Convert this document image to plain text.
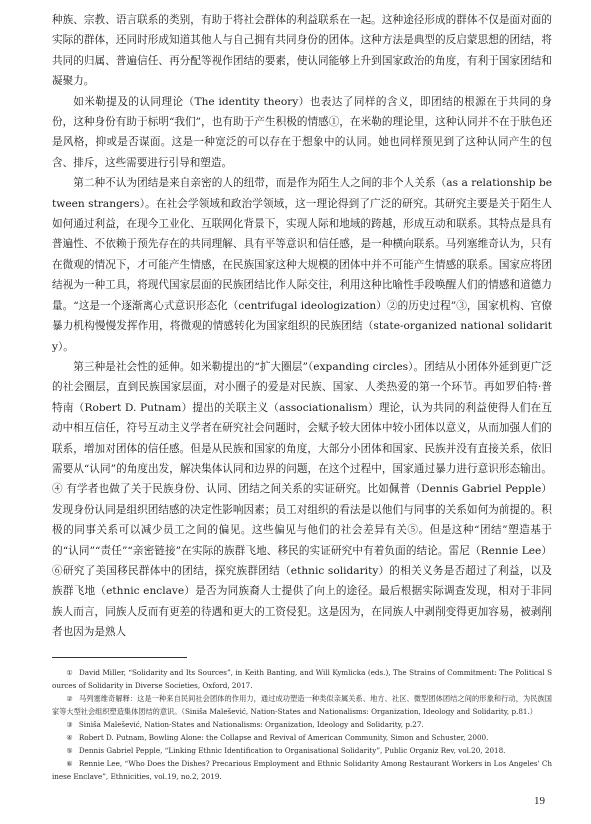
种族、宗教、语言联系的类别，有助于将社会群体的利益联系在一起。这种途径形成的群体不仅是面对面的实际的群体，还同时形成知道其他人与自己拥有共同身份的团体。这种方法是典型的反启蒙思想的团结，将共同的归属、普遍信任、再分配等视作团结的要素，使认同能够上升到国家政治的角度，有利于国家团结和凝聚力。

如米勒提及的认同理论（The identity theory）也表达了同样的含义，即团结的根源在于共同的身份，这种身份有助于标明“我们”，也有助于产生积极的情感①，在米勒的理论里，这种认同并不在于肤色还是风格，抑或是否谋面。这是一种宽泛的可以存在于想象中的认同。她也同样预见到了这种认同产生的包含、排斥，这些需要进行引导和塑造。

第二种不认为团结是来自亲密的人的纽带，而是作为陌生人之间的非个人关系（as a relationship between strangers）。在社会学领域和政治学领域，这一理论得到了广泛的研究。其研究主要是关于陌生人如何通过利益，在现今工业化、互联网化背景下，实现人际和地域的跨越，形成互动和联系。其特点是具有普遍性、不依赖于预先存在的共同理解、具有平等意识和信任感，是一种横向联系。马列塞维奇认为，只有在微观的情况下，才可能产生情感，在民族国家这种大规模的团体中并不可能产生情感的联系。国家应将团结视为一种工具，将现代国家层面的民族团结比作人际交往，利用这种比喻性手段唤醒人们的情感和道德力量。“这是一个逐渐离心式意识形态化（centrifugal ideologization）②的历史过程”③，国家机构、官僚暴力机构慢慢发挥作用，将微观的情感转化为国家组织的民族团结（state-organized national solidarity）。

第三种是社会性的延伸。如米勒提出的“扩大圈层”（expanding circles）。团结从小团体外延到更广泛的社会圈层，直到民族国家层面，对小圈子的爱是对民族、国家、人类热爱的第一个环节。再如罗伯特·普特南（Robert D. Putnam）提出的关联主义（associationalism）理论，认为共同的利益使得人们在互动中相互信任，符号互动主义学者在研究社会问题时，会赋予较大团体中较小团体以意义，从而加强人们的联系，增加对团体的信任感。但是从民族和国家的角度，大部分小团体和国家、民族并没有直接关系，依旧需要从“认同”的角度出发，解决集体认同和边界的问题，在这个过程中，国家通过暴力进行意识形态输出。④ 有学者也做了关于民族身份、认同、团结之间关系的实证研究。比如佩普（Dennis Gabriel Pepple）发现身份认同是组织团结感的决定性影响因素；员工对组织的看法是以他们与同事的关系如何为前提的。积极的同事关系可以减少员工之间的偏见。这些偏见与他们的社会差异有关⑤。但是这种“团结”塑造基于的“认同”“责任”“亲密链接”在实际的族群飞地、移民的实证研究中有着负面的结论。雷尼（Rennie Lee）⑥研究了美国移民群体中的团结，探究族群团结（ethnic solidarity）的相关义务是否超过了利益，以及族群飞地（ethnic enclave）是否为同族裔人士提供了向上的途径。最后根据实际调查发现，相对于非同族人而言，同族人反而有更差的待遇和更大的工资侵犯。这是因为，在同族人中剥削变得更加容易，被剥削者也因为是熟人

① David Miller, “Solidarity and Its Sources”, in Keith Banting, and Will Kymlicka (eds.), The Strains of Commitment: The Political Sources of Solidarity in Diverse Societies, Oxford, 2017.

② 马列塞维奇解释：这是一种来自民间社会团体的作用力，通过成功塑造一种类似亲属关系、地方、社区、微型团体团结之间的形象和行动，为民族国家等大型社会组织塑造集体团结的意识。（Siniša Malešević, Nation-States and Nationalisms: Organization, Ideology and Solidarity, p.81.）

③ Siniša Malešević, Nation-States and Nationalisms: Organization, Ideology and Solidarity, p.27.

④ Robert D. Putnam, Bowling Alone: the Collapse and Revival of American Community, Simon and Schuster, 2000.

⑤ Dennis Gabriel Pepple, “Linking Ethnic Identification to Organisational Solidarity”, Public Organiz Rev, vol.20, 2018.

⑥ Rennie Lee, “Who Does the Dishes? Precarious Employment and Ethnic Solidarity Among Restaurant Workers in Los Angeles' Chinese Enclave”, Ethnicities, vol.19, no.2, 2019.

19
